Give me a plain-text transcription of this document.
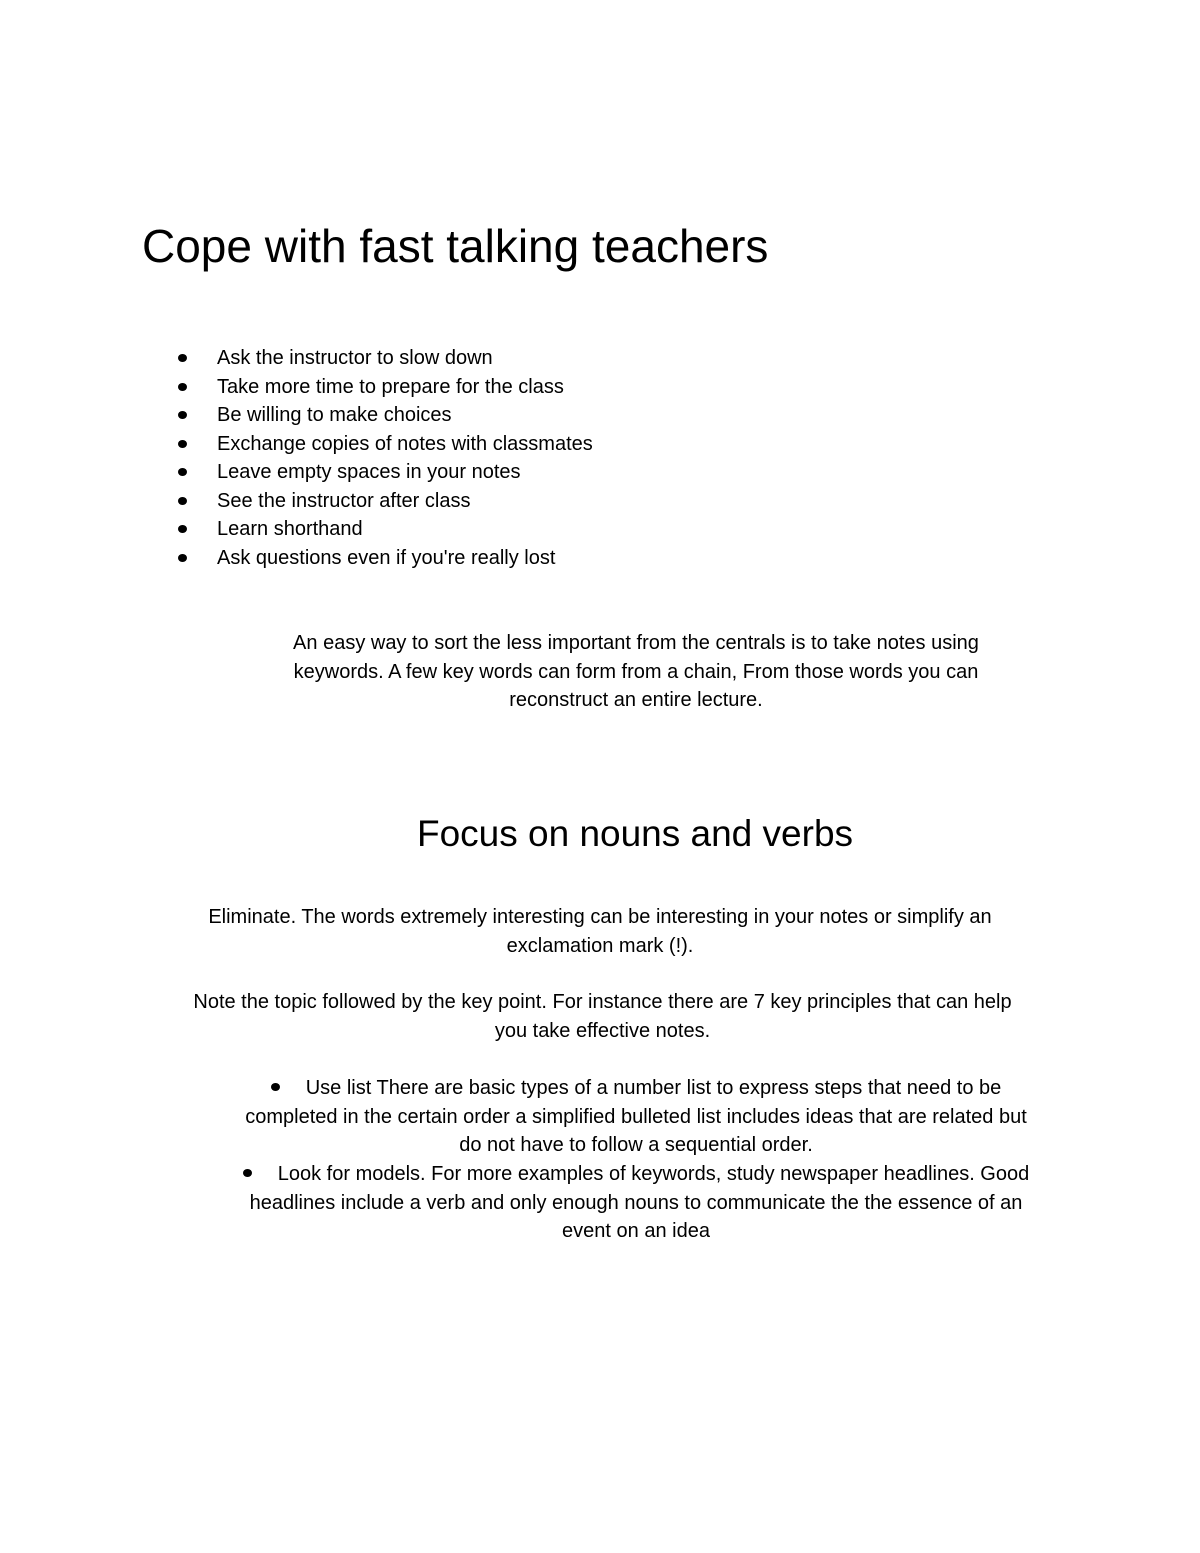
Cope with fast talking teachers
Ask the instructor to slow down
Take more time to prepare for the class
Be willing to make choices
Exchange copies of notes with classmates
Leave empty spaces in your notes
See the instructor after class
Learn shorthand
Ask questions even if you're really lost

An easy way to sort the less important from the centrals is to take notes using
keywords. A few key words can form from a chain, From those words you can
reconstruct an entire lecture.

Focus on nouns and verbs

Eliminate. The words extremely interesting can be interesting in your notes or simplify an
exclamation mark (!).

Note the topic followed by the key point. For instance there are 7 key principles that can help
you take effective notes.

Use list There are basic types of a number list to express steps that need to be
completed in the certain order a simplified bulleted list includes ideas that are related but
do not have to follow a sequential order.
Look for models. For more examples of keywords, study newspaper headlines. Good
headlines include a verb and only enough nouns to communicate the the essence of an
event on an idea
